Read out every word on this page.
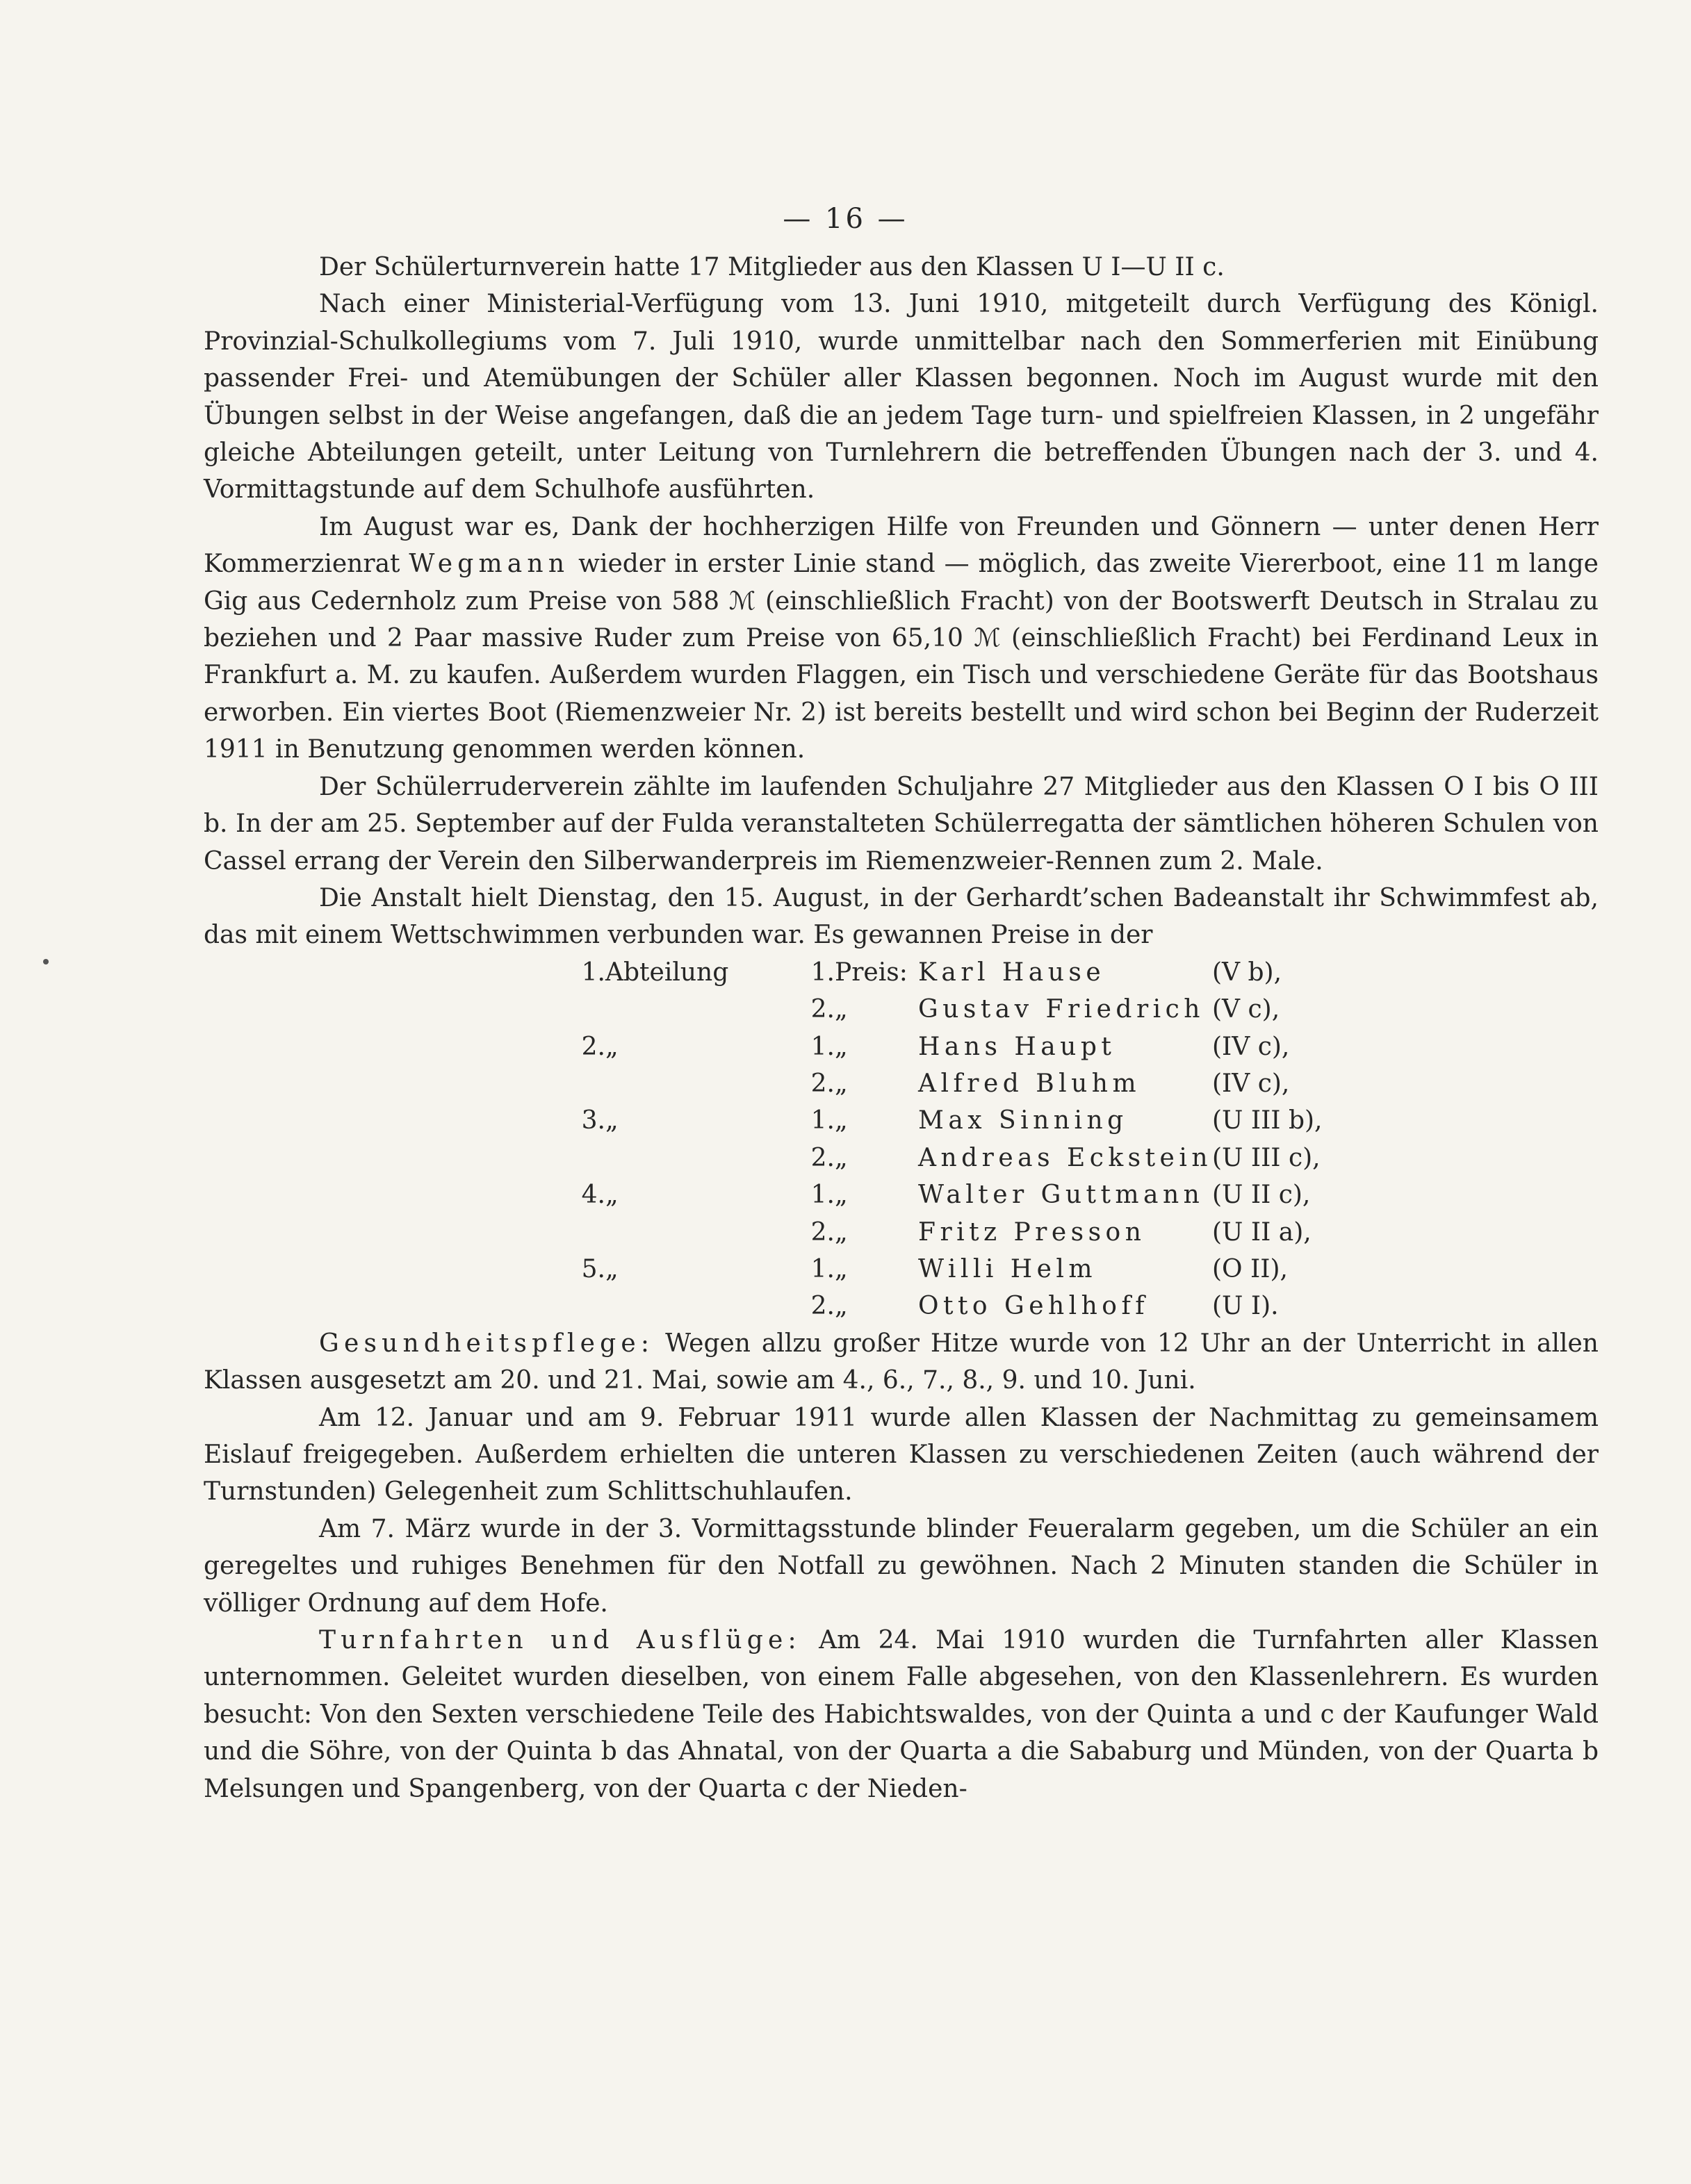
— 16 —

Der Schülerturnverein hatte 17 Mitglieder aus den Klassen U I—U II c.

Nach einer Ministerial-Verfügung vom 13. Juni 1910, mitgeteilt durch Verfügung des Königl. Provinzial-Schulkollegiums vom 7. Juli 1910, wurde unmittelbar nach den Sommerferien mit Einübung passender Frei- und Atemübungen der Schüler aller Klassen begonnen. Noch im August wurde mit den Übungen selbst in der Weise angefangen, daß die an jedem Tage turn- und spielfreien Klassen, in 2 ungefähr gleiche Abteilungen geteilt, unter Leitung von Turnlehrern die betreffenden Übungen nach der 3. und 4. Vormittagstunde auf dem Schulhofe ausführten.

Im August war es, Dank der hochherzigen Hilfe von Freunden und Gönnern — unter denen Herr Kommerzienrat Wegmann wieder in erster Linie stand — möglich, das zweite Viererboot, eine 11 m lange Gig aus Cedernholz zum Preise von 588 ℳ (einschließlich Fracht) von der Bootswerft Deutsch in Stralau zu beziehen und 2 Paar massive Ruder zum Preise von 65,10 ℳ (einschließlich Fracht) bei Ferdinand Leux in Frankfurt a. M. zu kaufen. Außerdem wurden Flaggen, ein Tisch und verschiedene Geräte für das Bootshaus erworben. Ein viertes Boot (Riemenzweier Nr. 2) ist bereits bestellt und wird schon bei Beginn der Ruderzeit 1911 in Benutzung genommen werden können.

Der Schülerruderverein zählte im laufenden Schuljahre 27 Mitglieder aus den Klassen O I bis O III b. In der am 25. September auf der Fulda veranstalteten Schülerregatta der sämtlichen höheren Schulen von Cassel errang der Verein den Silberwanderpreis im Riemenzweier-Rennen zum 2. Male.

Die Anstalt hielt Dienstag, den 15. August, in der Gerhardt’schen Badeanstalt ihr Schwimmfest ab, das mit einem Wettschwimmen verbunden war. Es gewannen Preise in der

1.	Abteilung	1.	Preis:	Karl Hause	(V b),
		2.	„	Gustav Friedrich	(V c),
2.	„	1.	„	Hans Haupt	(IV c),
		2.	„	Alfred Bluhm	(IV c),
3.	„	1.	„	Max Sinning	(U III b),
		2.	„	Andreas Eckstein	(U III c),
4.	„	1.	„	Walter Guttmann	(U II c),
		2.	„	Fritz Presson	(U II a),
5.	„	1.	„	Willi Helm	(O II),
		2.	„	Otto Gehlhoff	(U I).

Gesundheitspflege: Wegen allzu großer Hitze wurde von 12 Uhr an der Unterricht in allen Klassen ausgesetzt am 20. und 21. Mai, sowie am 4., 6., 7., 8., 9. und 10. Juni.

Am 12. Januar und am 9. Februar 1911 wurde allen Klassen der Nachmittag zu gemeinsamem Eislauf freigegeben. Außerdem erhielten die unteren Klassen zu verschiedenen Zeiten (auch während der Turnstunden) Gelegenheit zum Schlittschuhlaufen.

Am 7. März wurde in der 3. Vormittagsstunde blinder Feueralarm gegeben, um die Schüler an ein geregeltes und ruhiges Benehmen für den Notfall zu gewöhnen. Nach 2 Minuten standen die Schüler in völliger Ordnung auf dem Hofe.

Turnfahrten und Ausflüge: Am 24. Mai 1910 wurden die Turnfahrten aller Klassen unternommen. Geleitet wurden dieselben, von einem Falle abgesehen, von den Klassenlehrern. Es wurden besucht: Von den Sexten verschiedene Teile des Habichtswaldes, von der Quinta a und c der Kaufunger Wald und die Söhre, von der Quinta b das Ahnatal, von der Quarta a die Sababurg und Münden, von der Quarta b Melsungen und Spangenberg, von der Quarta c der Nieden-
